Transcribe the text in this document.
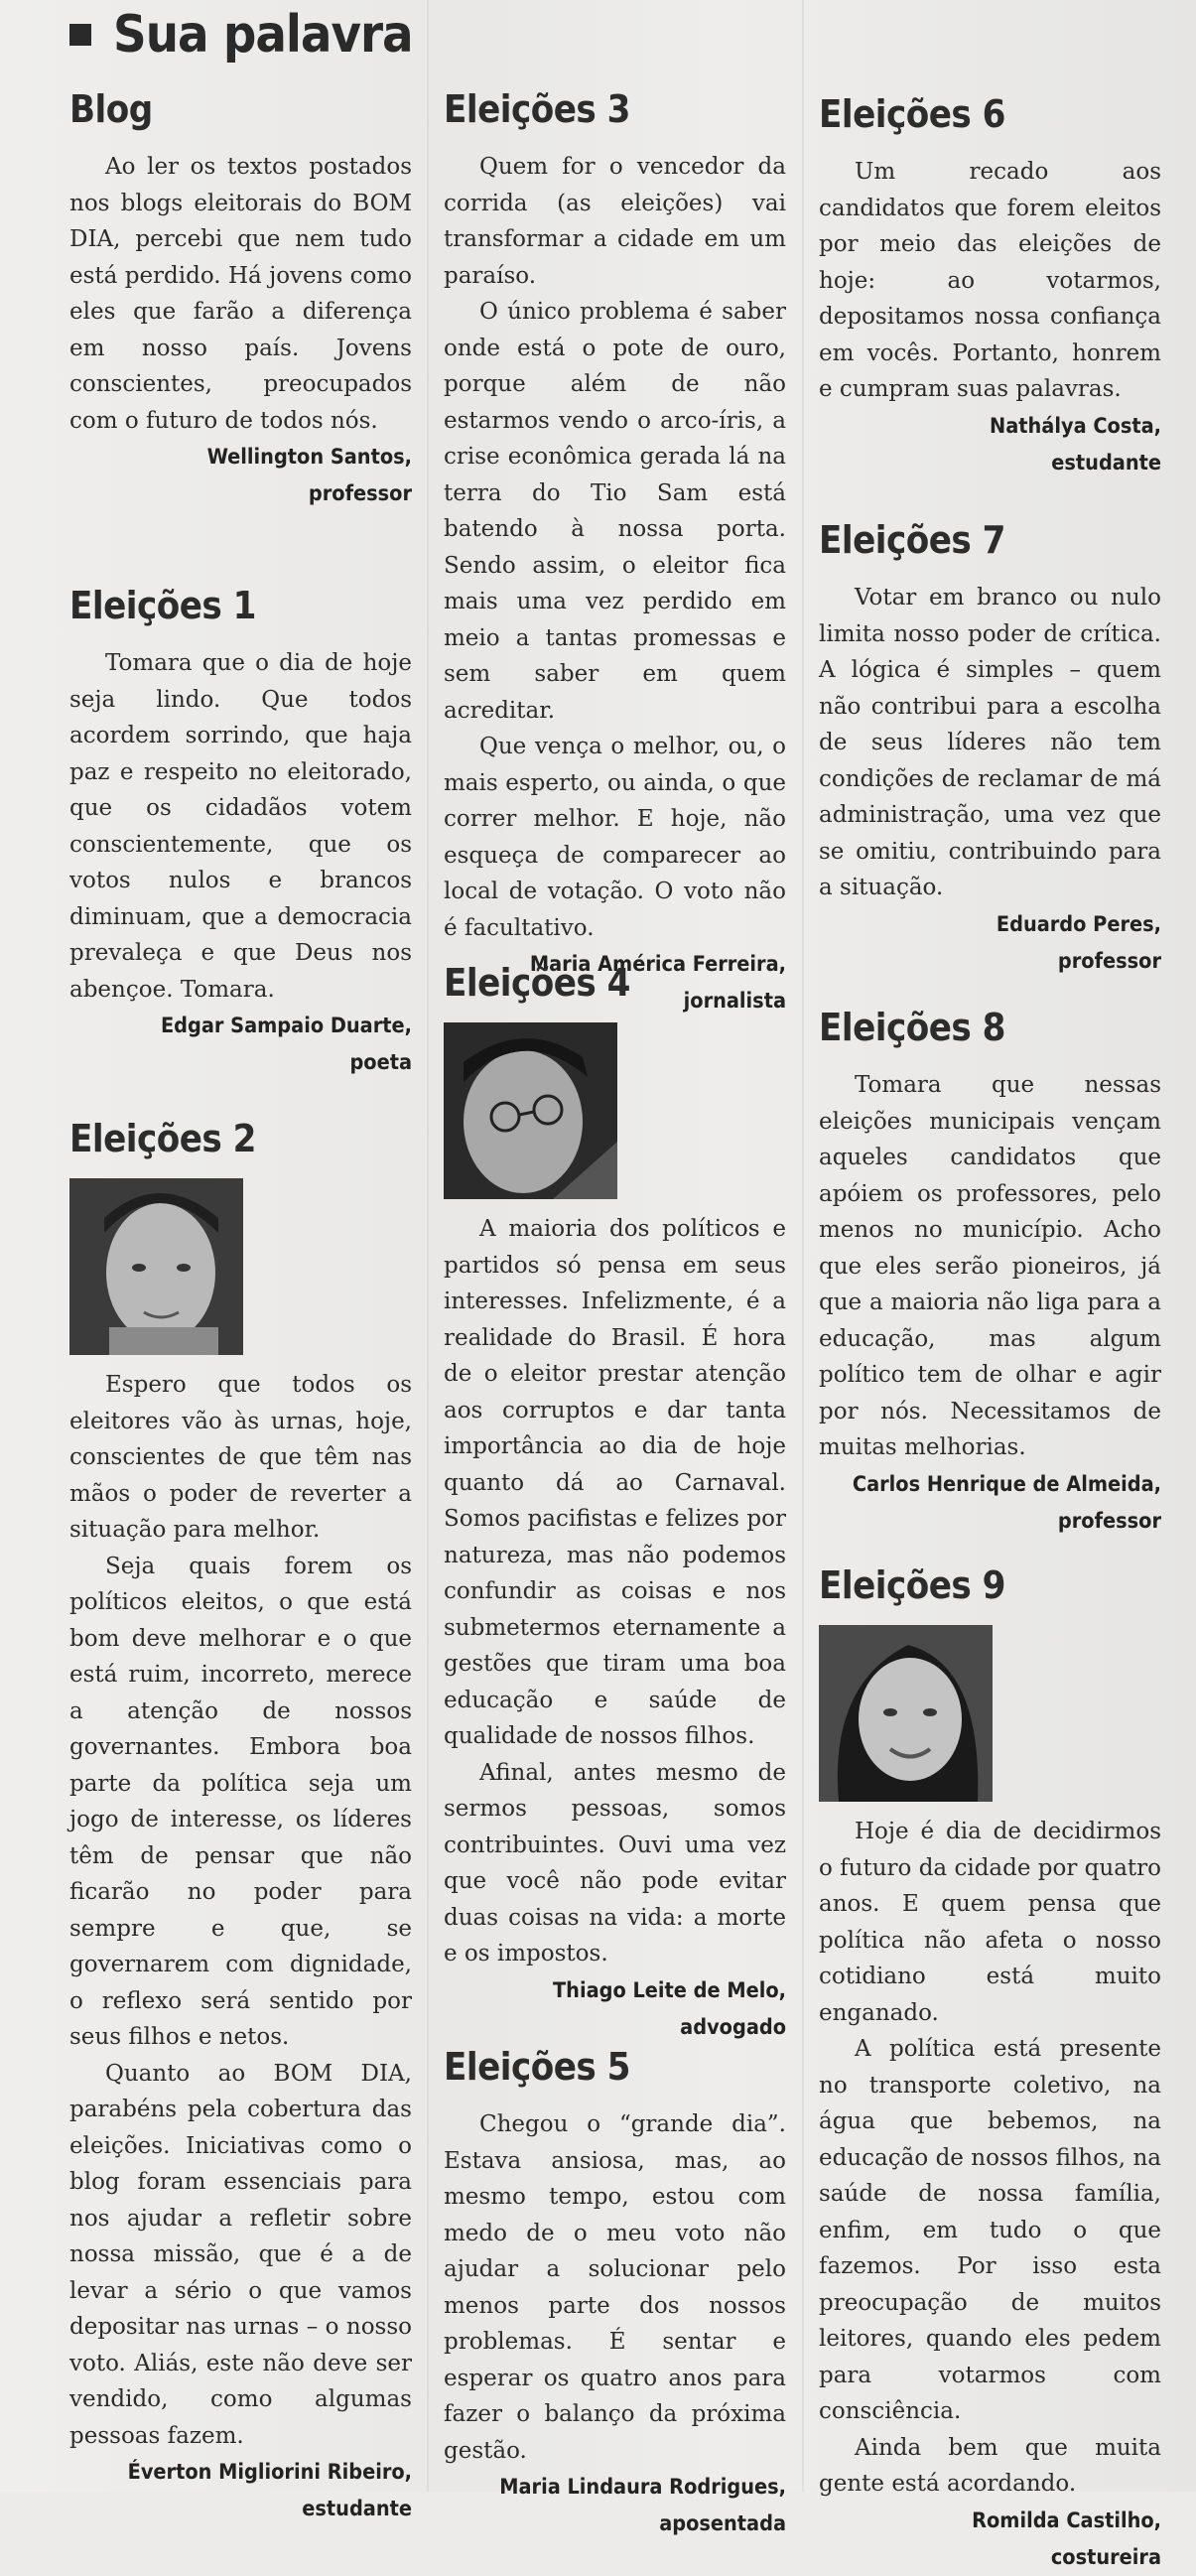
Sua palavra
Blog

Ao ler os textos postados nos blogs eleitorais do BOM DIA, percebi que nem tudo está perdido. Há jovens como eles que farão a diferença em nosso país. Jovens conscientes, preocupados com o futuro de todos nós.

Wellington Santos,
professor
Eleições 1

Tomara que o dia de hoje seja lindo. Que todos acordem sorrindo, que haja paz e respeito no eleitorado, que os cidadãos votem conscientemente, que os votos nulos e brancos diminuam, que a democracia prevaleça e que Deus nos abençoe. Tomara.

Edgar Sampaio Duarte,
poeta
Eleições 2

Espero que todos os eleitores vão às urnas, hoje, conscientes de que têm nas mãos o poder de reverter a situação para melhor.

Seja quais forem os políticos eleitos, o que está bom deve melhorar e o que está ruim, incorreto, merece a atenção de nossos governantes. Embora boa parte da política seja um jogo de interesse, os líderes têm de pensar que não ficarão no poder para sempre e que, se governarem com dignidade, o reflexo será sentido por seus filhos e netos.

Quanto ao BOM DIA, parabéns pela cobertura das eleições. Iniciativas como o blog foram essenciais para nos ajudar a refletir sobre nossa missão, que é a de levar a sério o que vamos depositar nas urnas – o nosso voto. Aliás, este não deve ser vendido, como algumas pessoas fazem.

Éverton Migliorini Ribeiro,
estudante
Eleições 3

Quem for o vencedor da corrida (as eleições) vai transformar a cidade em um paraíso.

O único problema é saber onde está o pote de ouro, porque além de não estarmos vendo o arco-íris, a crise econômica gerada lá na terra do Tio Sam está batendo à nossa porta. Sendo assim, o eleitor fica mais uma vez perdido em meio a tantas promessas e sem saber em quem acreditar.

Que vença o melhor, ou, o mais esperto, ou ainda, o que correr melhor. E hoje, não esqueça de comparecer ao local de votação. O voto não é facultativo.

Maria América Ferreira,
jornalista
Eleições 4

A maioria dos políticos e partidos só pensa em seus interesses. Infelizmente, é a realidade do Brasil. É hora de o eleitor prestar atenção aos corruptos e dar tanta importância ao dia de hoje quanto dá ao Carnaval. Somos pacifistas e felizes por natureza, mas não podemos confundir as coisas e nos submetermos eternamente a gestões que tiram uma boa educação e saúde de qualidade de nossos filhos.

Afinal, antes mesmo de sermos pessoas, somos contribuintes. Ouvi uma vez que você não pode evitar duas coisas na vida: a morte e os impostos.

Thiago Leite de Melo,
advogado
Eleições 5

Chegou o “grande dia”. Estava ansiosa, mas, ao mesmo tempo, estou com medo de o meu voto não ajudar a solucionar pelo menos parte dos nossos problemas. É sentar e esperar os quatro anos para fazer o balanço da próxima gestão.

Maria Lindaura Rodrigues,
aposentada
Eleições 6

Um recado aos candidatos que forem eleitos por meio das eleições de hoje: ao votarmos, depositamos nossa confiança em vocês. Portanto, honrem e cumpram suas palavras.

Nathálya Costa,
estudante
Eleições 7

Votar em branco ou nulo limita nosso poder de crítica. A lógica é simples – quem não contribui para a escolha de seus líderes não tem condições de reclamar de má administração, uma vez que se omitiu, contribuindo para a situação.

Eduardo Peres,
professor
Eleições 8

Tomara que nessas eleições municipais vençam aqueles candidatos que apóiem os professores, pelo menos no município. Acho que eles serão pioneiros, já que a maioria não liga para a educação, mas algum político tem de olhar e agir por nós. Necessitamos de muitas melhorias.

Carlos Henrique de Almeida,
professor
Eleições 9

Hoje é dia de decidirmos o futuro da cidade por quatro anos. E quem pensa que política não afeta o nosso cotidiano está muito enganado.

A política está presente no transporte coletivo, na água que bebemos, na educação de nossos filhos, na saúde de nossa família, enfim, em tudo o que fazemos. Por isso esta preocupação de muitos leitores, quando eles pedem para votarmos com consciência.

Ainda bem que muita gente está acordando.

Romilda Castilho,
costureira
